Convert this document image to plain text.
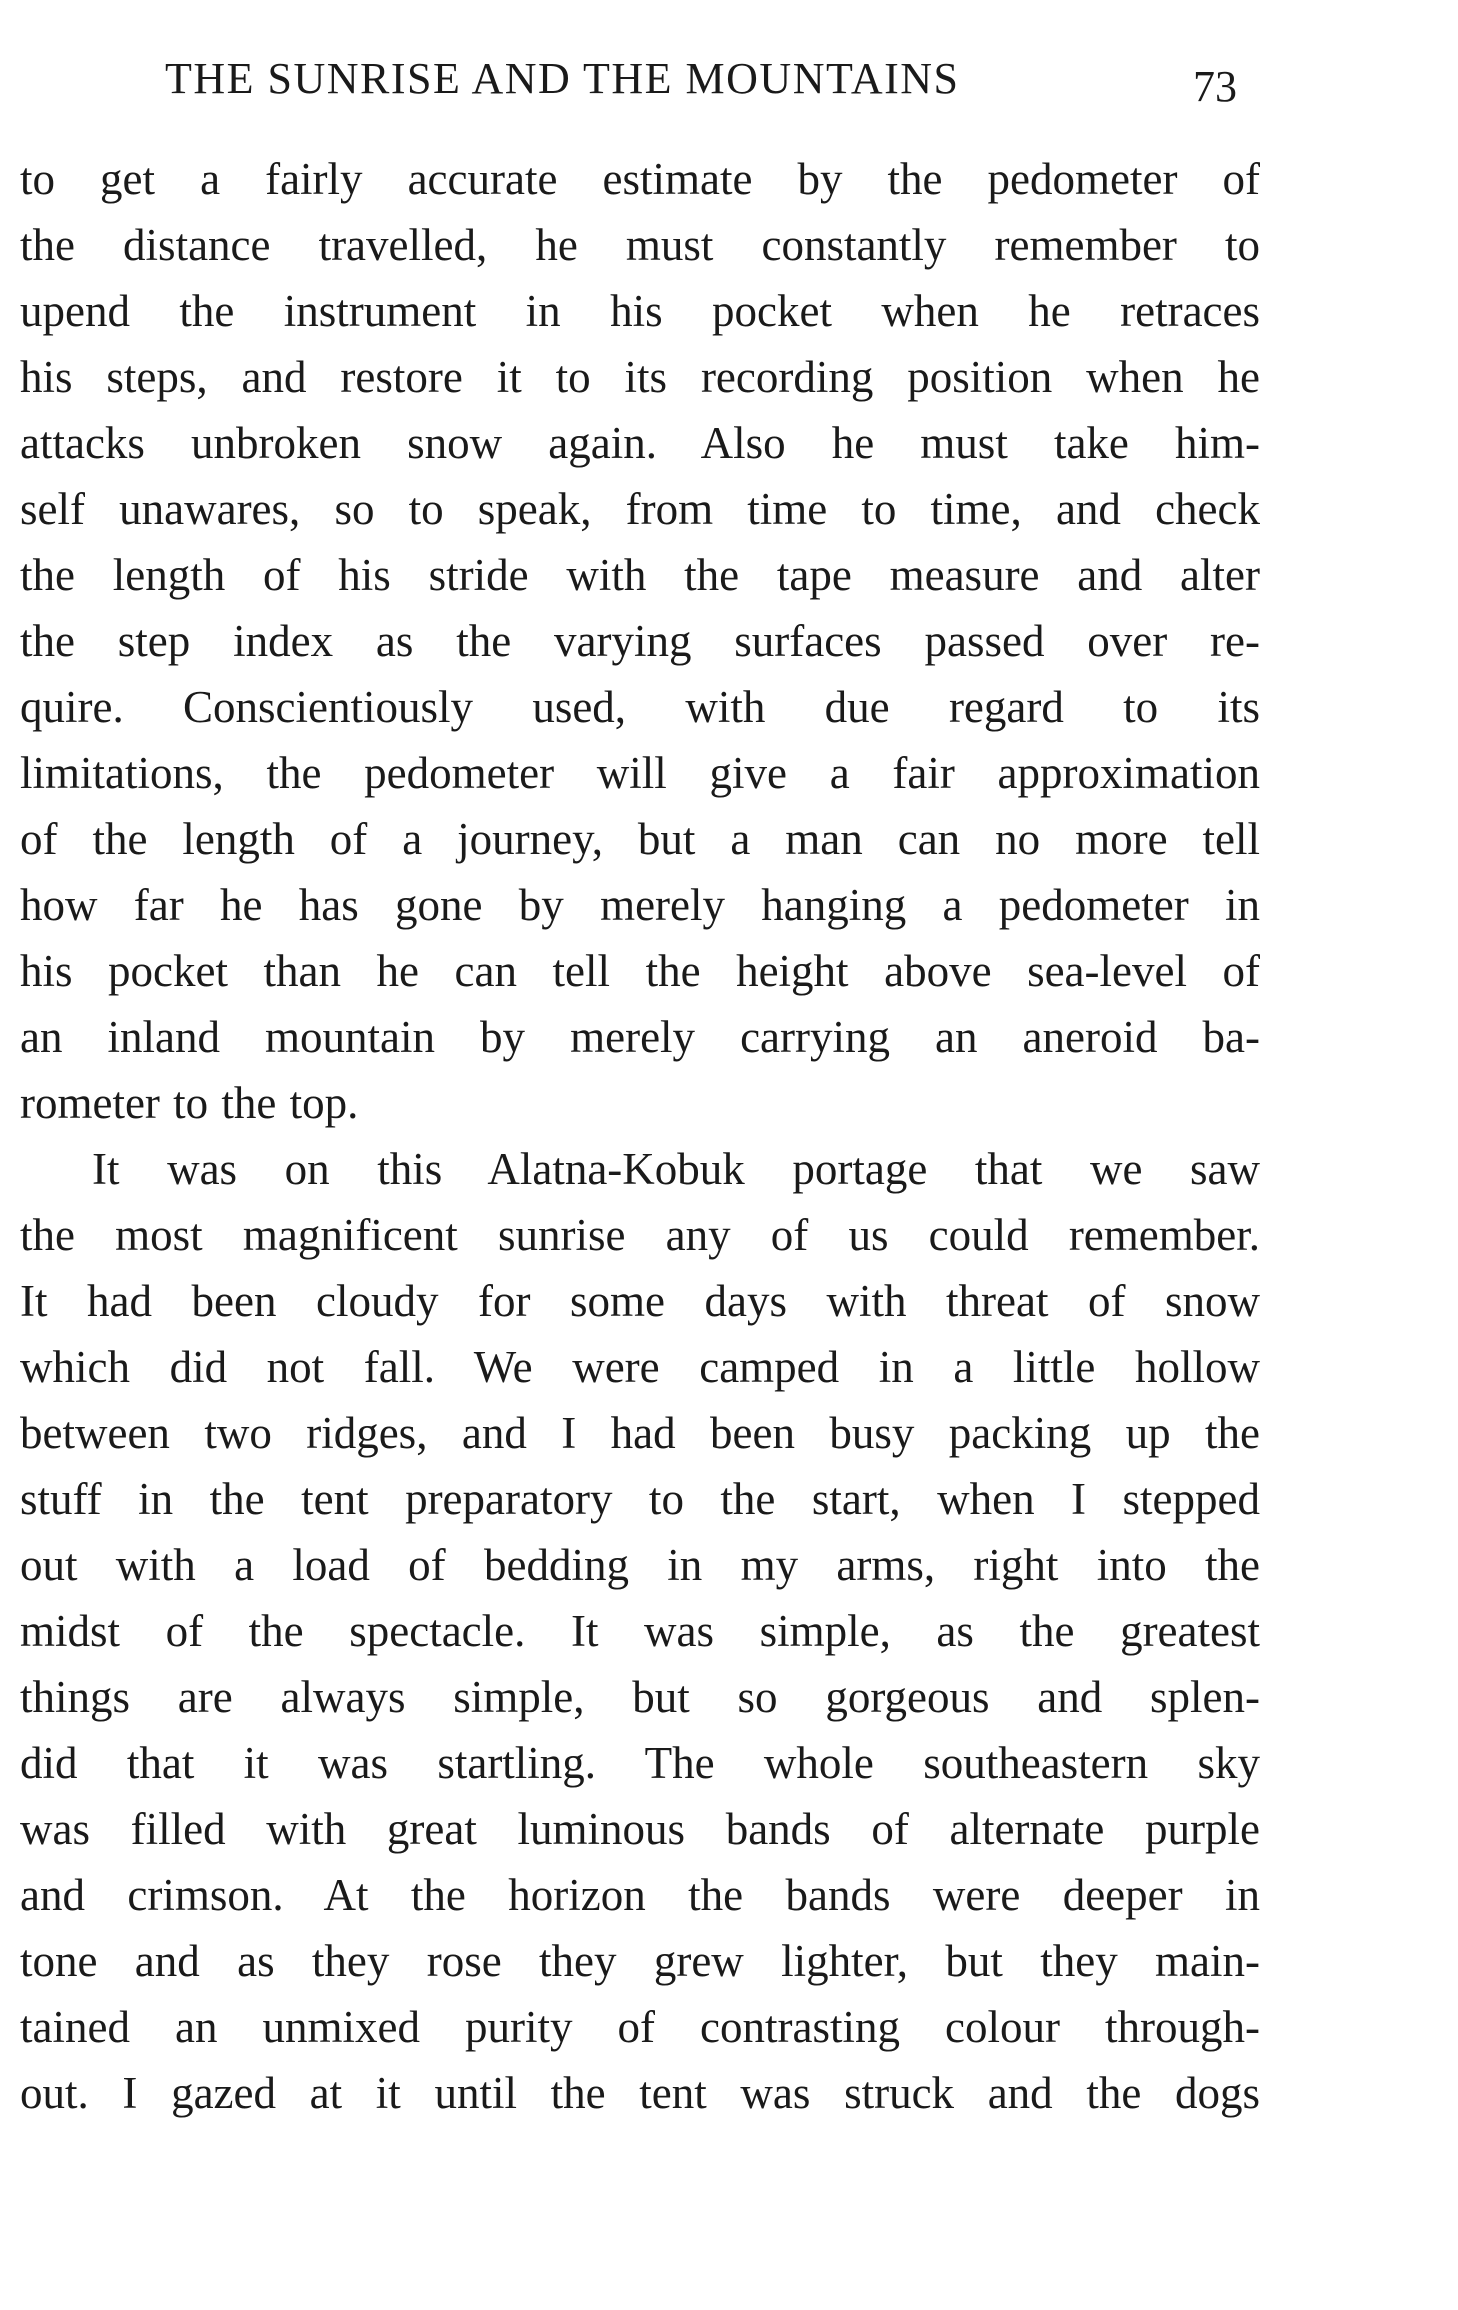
THE SUNRISE AND THE MOUNTAINS	73
to get a fairly accurate estimate by the pedometer of
the distance travelled, he must constantly remember to
upend the instrument in his pocket when he retraces
his steps, and restore it to its recording position when he
attacks unbroken snow again. Also he must take him-
self unawares, so to speak, from time to time, and check
the length of his stride with the tape measure and alter
the step index as the varying surfaces passed over re-
quire. Conscientiously used, with due regard to its
limitations, the pedometer will give a fair approximation
of the length of a journey, but a man can no more tell
how far he has gone by merely hanging a pedometer in
his pocket than he can tell the height above sea-level of
an inland mountain by merely carrying an aneroid ba-
rometer to the top.
It was on this Alatna-Kobuk portage that we saw
the most magnificent sunrise any of us could remember.
It had been cloudy for some days with threat of snow
which did not fall. We were camped in a little hollow
between two ridges, and I had been busy packing up the
stuff in the tent preparatory to the start, when I stepped
out with a load of bedding in my arms, right into the
midst of the spectacle. It was simple, as the greatest
things are always simple, but so gorgeous and splen-
did that it was startling. The whole southeastern sky
was filled with great luminous bands of alternate purple
and crimson. At the horizon the bands were deeper in
tone and as they rose they grew lighter, but they main-
tained an unmixed purity of contrasting colour through-
out. I gazed at it until the tent was struck and the dogs
